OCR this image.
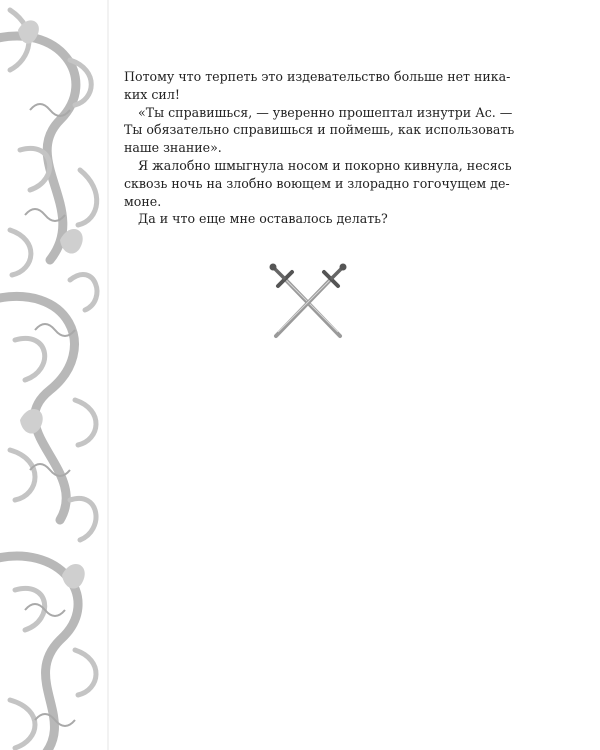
Потому что терпеть это издевательство больше нет ника-
ких сил!
«Ты справишься, — уверенно прошептал изнутри Ас. —
Ты обязательно справишься и поймешь, как использовать
наше знание».
Я жалобно шмыгнула носом и покорно кивнула, несясь
сквозь ночь на злобно воющем и злорадно гогочущем де-
моне.
Да и что еще мне оставалось делать?
